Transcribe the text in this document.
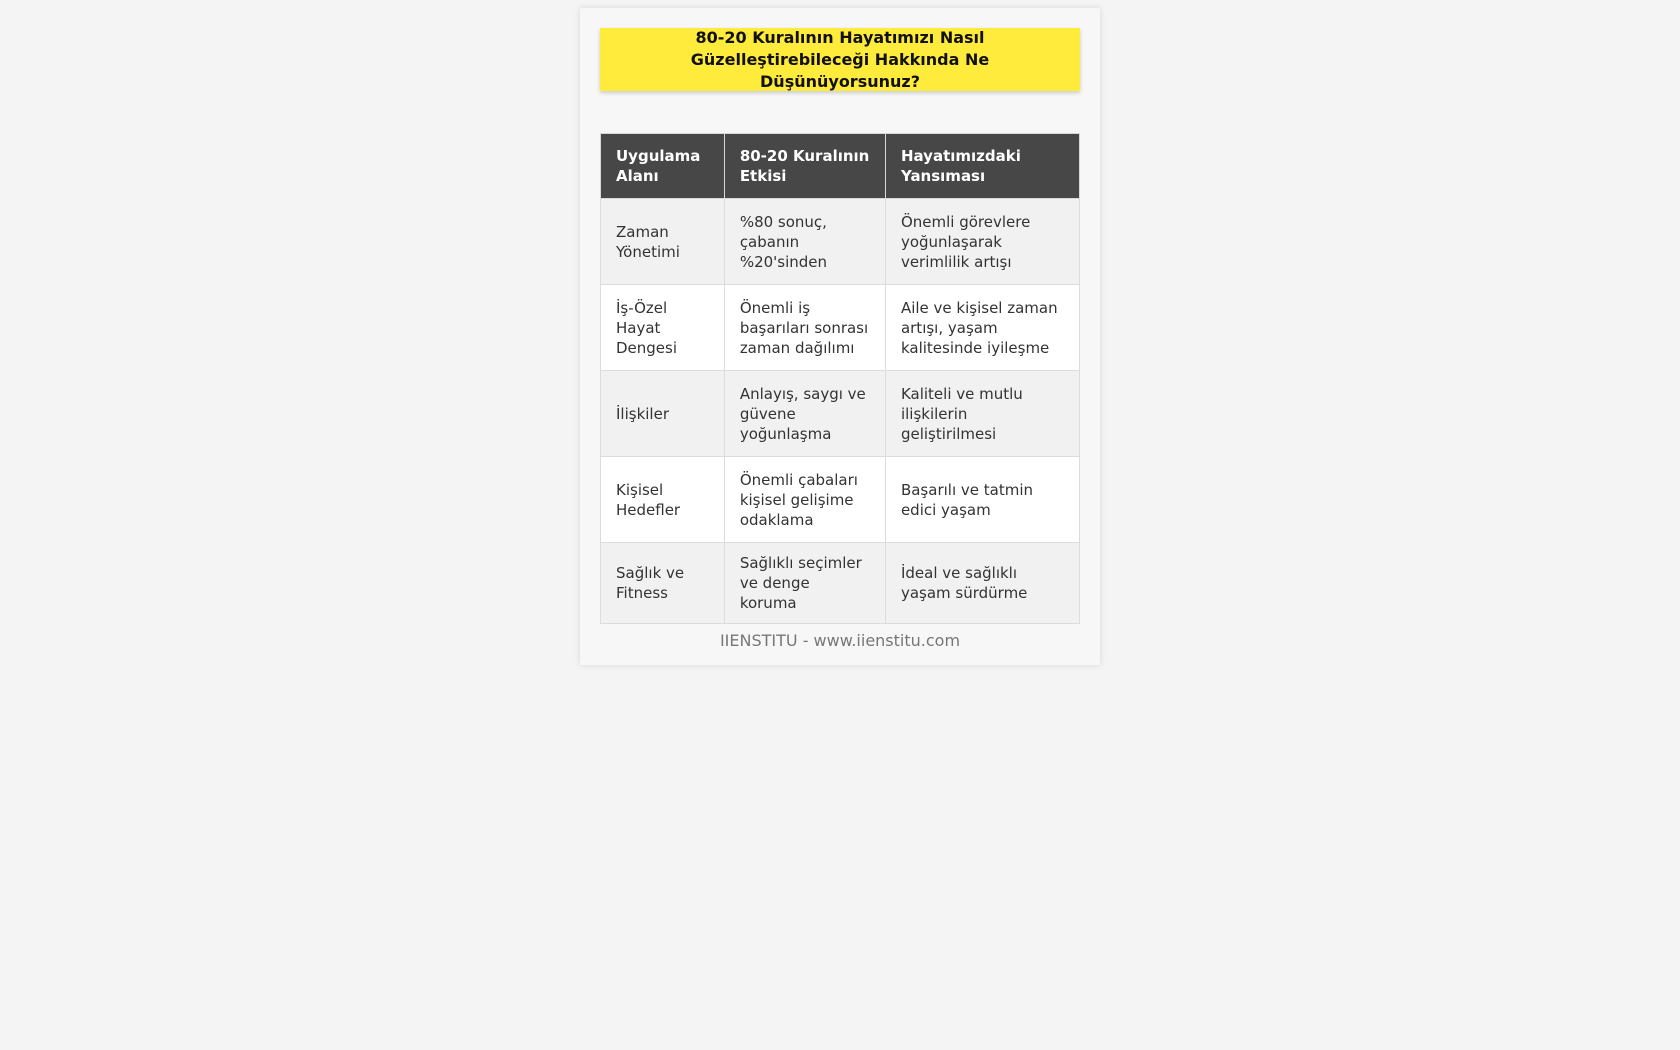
80-20 Kuralının Hayatımızı Nasıl Güzelleştirebileceği Hakkında Ne Düşünüyorsunuz?
Uygulama Alanı	80-20 Kuralının Etkisi	Hayatımızdaki Yansıması
Zaman Yönetimi	%80 sonuç, çabanın %20'sinden	Önemli görevlere yoğunlaşarak verimlilik artışı
İş-Özel Hayat Dengesi	Önemli iş başarıları sonrası zaman dağılımı	Aile ve kişisel zaman artışı, yaşam kalitesinde iyileşme
İlişkiler	Anlayış, saygı ve güvene yoğunlaşma	Kaliteli ve mutlu ilişkilerin geliştirilmesi
Kişisel Hedefler	Önemli çabaları kişisel gelişime odaklama	Başarılı ve tatmin edici yaşam
Sağlık ve Fitness	Sağlıklı seçimler ve denge koruma	İdeal ve sağlıklı yaşam sürdürme
IIENSTITU - www.iienstitu.com
